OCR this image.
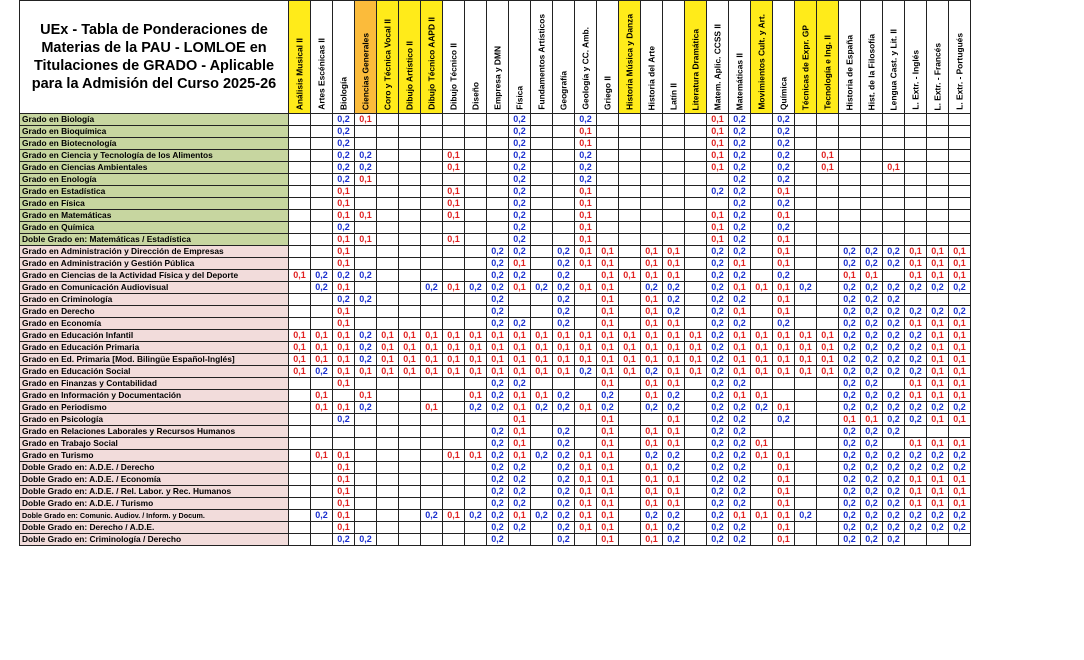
UEx - Tabla de Ponderaciones de Materias de la PAU - LOMLOE en Titulaciones de GRADO - Aplicable para la Admisión del Curso 2025-26	Análisis Musical II	Artes Escénicas II	Biología	Ciencias Generales	Coro y Técnica Vocal II	Dibujo Artístico II	Dibujo Técnico AAPD II	Dibujo Técnico II	Diseño	Empresa y DMN	Física	Fundamentos Artísticos	Geografía	Geología y CC. Amb.	Griego II	Historia Música y Danza	Historia del Arte	Latín II	Literatura Dramática	Matem. Aplic. CCSS II	Matemáticas II	Movimientos Cult. y Art.	Química	Técnicas de Expr. GP	Tecnología e Ing. II	Historia de España	Hist. de la Filosofía	Lengua Cast. y Lit. II	L. Extr. - Inglés	L. Extr. - Francés	L. Extr. - Portugués

Grado en Biología			0,2	0,1							0,2			0,2						0,1	0,2		0,2								
Grado en Bioquímica			0,2								0,2			0,1						0,1	0,2		0,2								
Grado en Biotecnología			0,2								0,2			0,1						0,1	0,2		0,2								
Grado en Ciencia y Tecnología de los Alimentos			0,2	0,2				0,1			0,2			0,2						0,1	0,2		0,2		0,1						
Grado en Ciencias Ambientales			0,2	0,2				0,1			0,2			0,2						0,1	0,2		0,2		0,1			0,1			
Grado en Enología			0,2	0,1							0,2			0,2							0,2		0,2								
Grado en Estadística			0,1					0,1			0,2			0,1						0,2	0,2		0,1								
Grado en Física			0,1					0,1			0,2			0,1							0,2		0,2								
Grado en Matemáticas			0,1	0,1				0,1			0,2			0,1						0,1	0,2		0,1								
Grado en Química			0,2								0,2			0,1						0,1	0,2		0,2								
Doble Grado en: Matemáticas / Estadística			0,1	0,1				0,1			0,2			0,1						0,1	0,2		0,1								
Grado en Administración y Dirección de Empresas			0,1							0,2	0,2		0,2	0,1	0,1		0,1	0,1		0,2	0,2		0,1			0,2	0,2	0,2	0,1	0,1	0,1
Grado en Administración y Gestión Pública			0,1							0,2	0,1		0,2	0,1	0,1		0,1	0,1		0,2	0,1		0,1			0,2	0,2	0,2	0,1	0,1	0,1
Grado en Ciencias de la Actividad Física y del Deporte	0,1	0,2	0,2	0,2						0,2	0,2		0,2		0,1	0,1	0,1	0,1		0,2	0,2		0,2			0,1	0,1		0,1	0,1	0,1
Grado en Comunicación Audiovisual		0,2	0,1				0,2	0,1	0,2	0,2	0,1	0,2	0,2	0,1	0,1		0,2	0,2		0,2	0,1	0,1	0,1	0,2		0,2	0,2	0,2	0,2	0,2	0,2
Grado en Criminología			0,2	0,2						0,2			0,2		0,1		0,1	0,2		0,2	0,2		0,1			0,2	0,2	0,2			
Grado en Derecho			0,1							0,2			0,2		0,1		0,1	0,2		0,2	0,1		0,1			0,2	0,2	0,2	0,2	0,2	0,2
Grado en Economía			0,1							0,2	0,2		0,2		0,1		0,1	0,1		0,2	0,2		0,2			0,2	0,2	0,2	0,1	0,1	0,1
Grado en Educación Infantil	0,1	0,1	0,1	0,2	0,1	0,1	0,1	0,1	0,1	0,1	0,1	0,1	0,1	0,1	0,1	0,1	0,1	0,1	0,1	0,2	0,1	0,1	0,1	0,1	0,1	0,2	0,2	0,2	0,2	0,1	0,1
Grado en Educación Primaria	0,1	0,1	0,1	0,2	0,1	0,1	0,1	0,1	0,1	0,1	0,1	0,1	0,1	0,1	0,1	0,1	0,1	0,1	0,1	0,2	0,1	0,1	0,1	0,1	0,1	0,2	0,2	0,2	0,2	0,1	0,1
Grado en Ed. Primaria [Mod. Bilingüe Español-Inglés]	0,1	0,1	0,1	0,2	0,1	0,1	0,1	0,1	0,1	0,1	0,1	0,1	0,1	0,1	0,1	0,1	0,1	0,1	0,1	0,2	0,1	0,1	0,1	0,1	0,1	0,2	0,2	0,2	0,2	0,1	0,1
Grado en Educación Social	0,1	0,2	0,1	0,1	0,1	0,1	0,1	0,1	0,1	0,1	0,1	0,1	0,1	0,2	0,1	0,1	0,2	0,1	0,1	0,2	0,1	0,1	0,1	0,1	0,1	0,2	0,2	0,2	0,2	0,1	0,1
Grado en Finanzas y Contabilidad			0,1							0,2	0,2				0,1		0,1	0,1		0,2	0,2					0,2	0,2		0,1	0,1	0,1
Grado en Información y Documentación		0,1		0,1					0,1	0,2	0,1	0,1	0,2		0,2		0,1	0,2		0,2	0,1	0,1				0,2	0,2	0,2	0,1	0,1	0,1
Grado en Periodismo		0,1	0,1	0,2			0,1		0,2	0,2	0,1	0,2	0,2	0,1	0,2		0,2	0,2		0,2	0,2	0,2	0,1			0,2	0,2	0,2	0,2	0,2	0,2
Grado en Psicología			0,2								0,1				0,1			0,1		0,2	0,2		0,2			0,1	0,1	0,2	0,2	0,1	0,1
Grado en Relaciones Laborales y Recursos Humanos										0,2	0,1		0,2		0,1		0,1	0,1		0,2	0,2					0,2	0,2	0,2			
Grado en Trabajo Social										0,2	0,1		0,2		0,1		0,1	0,1		0,2	0,2	0,1				0,2	0,2		0,1	0,1	0,1
Grado en Turismo		0,1	0,1					0,1	0,1	0,2	0,1	0,2	0,2	0,1	0,1		0,2	0,2		0,2	0,2	0,1	0,1			0,2	0,2	0,2	0,2	0,2	0,2
Doble Grado en: A.D.E. / Derecho			0,1							0,2	0,2		0,2	0,1	0,1		0,1	0,2		0,2	0,2		0,1			0,2	0,2	0,2	0,2	0,2	0,2
Doble Grado en: A.D.E. / Economía			0,1							0,2	0,2		0,2	0,1	0,1		0,1	0,1		0,2	0,2		0,1			0,2	0,2	0,2	0,1	0,1	0,1
Doble Grado en: A.D.E. / Rel. Labor. y Rec. Humanos			0,1							0,2	0,2		0,2	0,1	0,1		0,1	0,1		0,2	0,2		0,1			0,2	0,2	0,2	0,1	0,1	0,1
Doble Grado en: A.D.E. / Turismo			0,1							0,2	0,2		0,2	0,1	0,1		0,1	0,1		0,2	0,2		0,1			0,2	0,2	0,2	0,1	0,1	0,1
Doble Grado en: Comunic. Audiov. / Inform. y Docum.		0,2	0,1				0,2	0,1	0,2	0,2	0,1	0,2	0,2	0,1	0,1		0,2	0,2		0,2	0,1	0,1	0,1	0,2		0,2	0,2	0,2	0,2	0,2	0,2
Doble Grado en: Derecho / A.D.E.			0,1							0,2	0,2		0,2	0,1	0,1		0,1	0,2		0,2	0,2		0,1			0,2	0,2	0,2	0,2	0,2	0,2
Doble Grado en: Criminología / Derecho			0,2	0,2						0,2			0,2		0,1		0,1	0,2		0,2	0,2		0,1			0,2	0,2	0,2			
